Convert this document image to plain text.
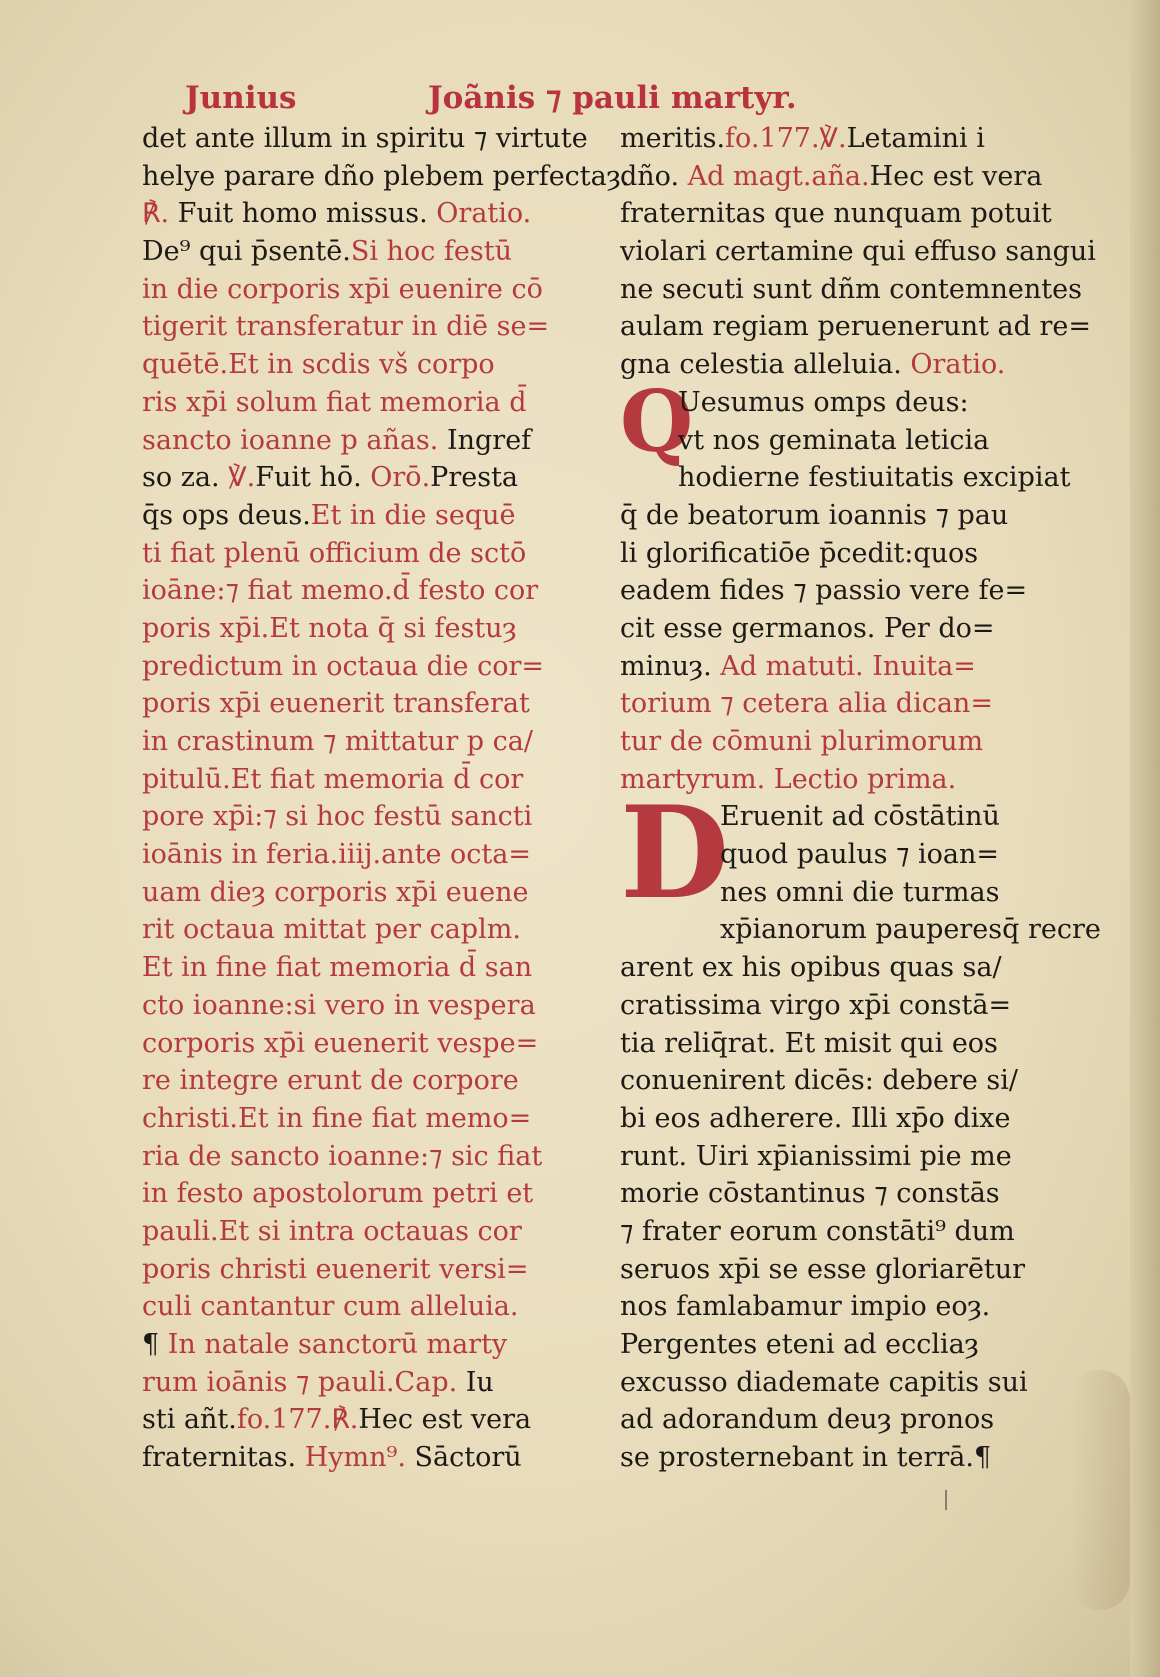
Junius	Joãnis ⁊ pauli martyr.
det ante illum in spiritu ⁊ virtute
helye parare dño plebem perfectaȝ.
℟. Fuit homo missus. Oratio.
De⁹ qui p̄sentē.Si hoc festū
in die corporis xp̄i euenire cō
tigerit transferatur in diē se=
quētē.Et in scdis vš corpo
ris xp̄i solum fiat memoria d̄
sancto ioanne p añas. Ingref
so za. ℣.Fuit hō. Orō.Presta
q̄s ops deus.Et in die sequē
ti fiat plenū officium de sctō
ioāne:⁊ fiat memo.d̄ festo cor
poris xp̄i.Et nota q̄ si festuȝ
predictum in octaua die cor=
poris xp̄i euenerit transferat
in crastinum ⁊ mittatur p ca/
pitulū.Et fiat memoria d̄ cor
pore xp̄i:⁊ si hoc festū sancti
ioānis in feria.iiij.ante octa=
uam dieȝ corporis xp̄i euene
rit octaua mittat per caplm.
Et in fine fiat memoria d̄ san
cto ioanne:si vero in vespera
corporis xp̄i euenerit vespe=
re integre erunt de corpore
christi.Et in fine fiat memo=
ria de sancto ioanne:⁊ sic fiat
in festo apostolorum petri et
pauli.Et si intra octauas cor
poris christi euenerit versi=
culi cantantur cum alleluia.
¶ In natale sanctorū marty
rum ioānis ⁊ pauli.Cap. Iu
sti añt.fo.177.℟.Hec est vera
fraternitas. Hymn⁹. Sāctorū
meritis.fo.177.℣.Letamini i
dño. Ad magt.aña.Hec est vera
fraternitas que nunquam potuit
violari certamine qui effuso sangui
ne secuti sunt dñm contemnentes
aulam regiam peruenerunt ad re=
gna celestia alleluia. Oratio.
Q
Uesumus omps deus:
vt nos geminata leticia
hodierne festiuitatis excipiat
q̄ de beatorum ioannis ⁊ pau
li glorificatiōe p̄cedit:quos
eadem fides ⁊ passio vere fe=
cit esse germanos. Per do=
minuȝ. Ad matuti. Inuita=
torium ⁊ cetera alia dican=
tur de cōmuni plurimorum
martyrum. Lectio prima.
D
Eruenit ad cōstātinū
quod paulus ⁊ ioan=
nes omni die turmas
xp̄ianorum pauperesq̄ recre
arent ex his opibus quas sa/
cratissima virgo xp̄i constā=
tia reliq̄rat. Et misit qui eos
conuenirent dicēs: debere si/
bi eos adherere. Illi xp̄o dixe
runt. Uiri xp̄ianissimi pie me
morie cōstantinus ⁊ constās
⁊ frater eorum constāti⁹ dum
seruos xp̄i se esse gloriarētur
nos famlabamur impio eoȝ.
Pergentes eteni ad eccliaȝ
excusso diademate capitis sui
ad adorandum deuȝ pronos
se prosternebant in terrā.¶
